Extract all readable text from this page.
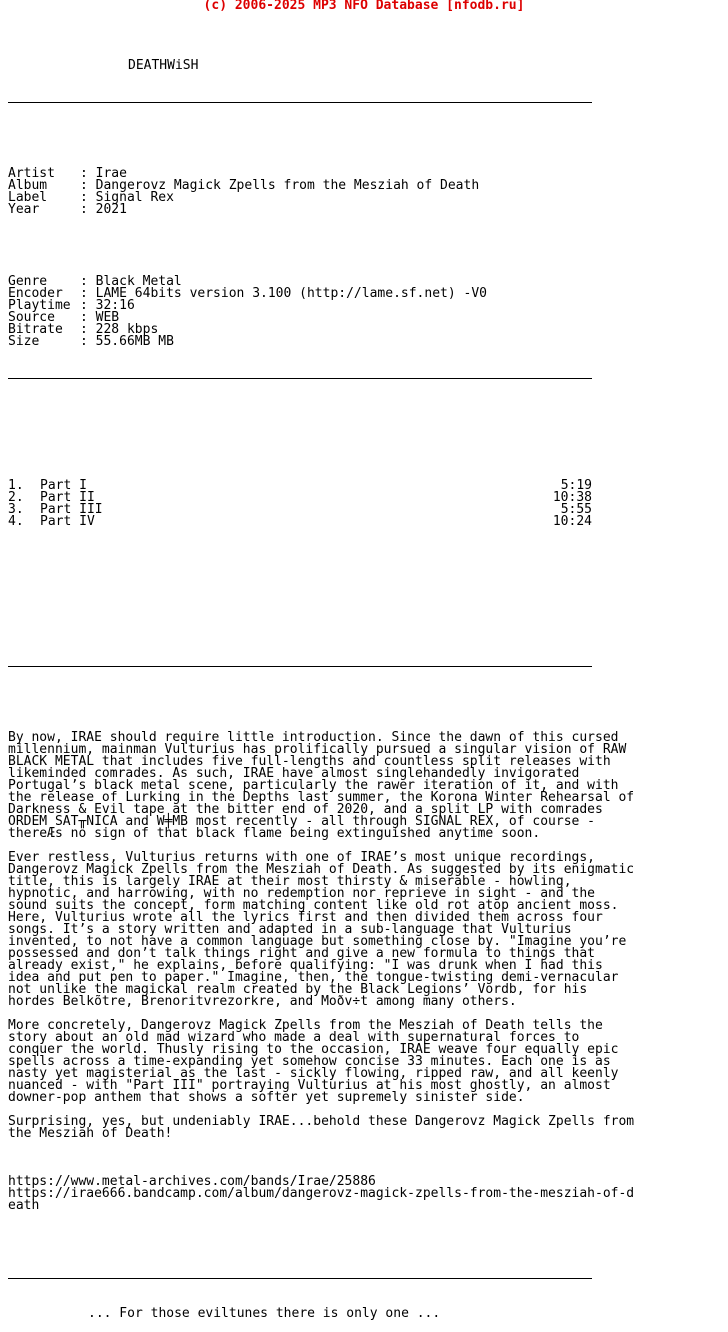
(c) 2006-2025 MP3 NFO Database [nfodb.ru]

DEATHWiSH

Artist : Irae
Album	: Dangerovz Magick Zpells from the Mesziah of Death
Label	: Signal Rex
Year	: 2021

Genre	: Black Metal
Encoder : LAME 64bits version 3.100 (http://lame.sf.net) -V0
Playtime : 32:16
Source : WEB
Bitrate : 228 kbps
Size	: 55.66MB MB

1. Part I	5:19
2. Part II	10:38
3. Part III	5:55
4. Part IV	10:24

By now, IRAE should require little introduction. Since the dawn of this cursed
millennium, mainman Vulturius has prolifically pursued a singular vision of RAW
BLACK METAL that includes five full-lengths and countless split releases with
likeminded comrades. As such, IRAE have almost singlehandedly invigorated
Portugal’s black metal scene, particularly the rawer iteration of it, and with
the release of Lurking in the Depths last summer, the Korona Winter Rehearsal of
Darkness & Evil tape at the bitter end of 2020, and a split LP with comrades
ORDEM SAT╥NICA and W╪MB most recently - all through SIGNAL REX, of course -
thereÆs no sign of that black flame being extinguished anytime soon.
Ever restless, Vulturius returns with one of IRAE’s most unique recordings,
Dangerovz Magick Zpells from the Mesziah of Death. As suggested by its enigmatic
title, this is largely IRAE at their most thirsty & miserable - howling,
hypnotic, and harrowing, with no redemption nor reprieve in sight - and the
sound suits the concept, form matching content like old rot atop ancient moss.
Here, Vulturius wrote all the lyrics first and then divided them across four
songs. It’s a story written and adapted in a sub-language that Vulturius
invented, to not have a common language but something close by. "Imagine you’re
possessed and don’t talk things right and give a new formula to things that
already exist," he explains, before qualifying: "I was drunk when I had this
idea and put pen to paper." Imagine, then, the tongue-twisting demi-vernacular
not unlike the magickal realm created by the Black Legions’ Vordb, for his
hordes Belkõtre, Brenoritvrezorkre, and Moðv÷t among many others.
More concretely, Dangerovz Magick Zpells from the Mesziah of Death tells the
story about an old mad wizard who made a deal with supernatural forces to
conquer the world. Thusly rising to the occasion, IRAE weave four equally epic
spells across a time-expanding yet somehow concise 33 minutes. Each one is as
nasty yet magisterial as the last - sickly flowing, ripped raw, and all keenly
nuanced - with "Part III" portraying Vulturius at his most ghostly, an almost
downer-pop anthem that shows a softer yet supremely sinister side.
Surprising, yes, but undeniably IRAE...behold these Dangerovz Magick Zpells from
the Mesziah of Death!

https://www.metal-archives.com/bands/Irae/25886
https://irae666.bandcamp.com/album/dangerovz-magick-zpells-from-the-mesziah-of-d
eath

... For those eviltunes there is only one ...
